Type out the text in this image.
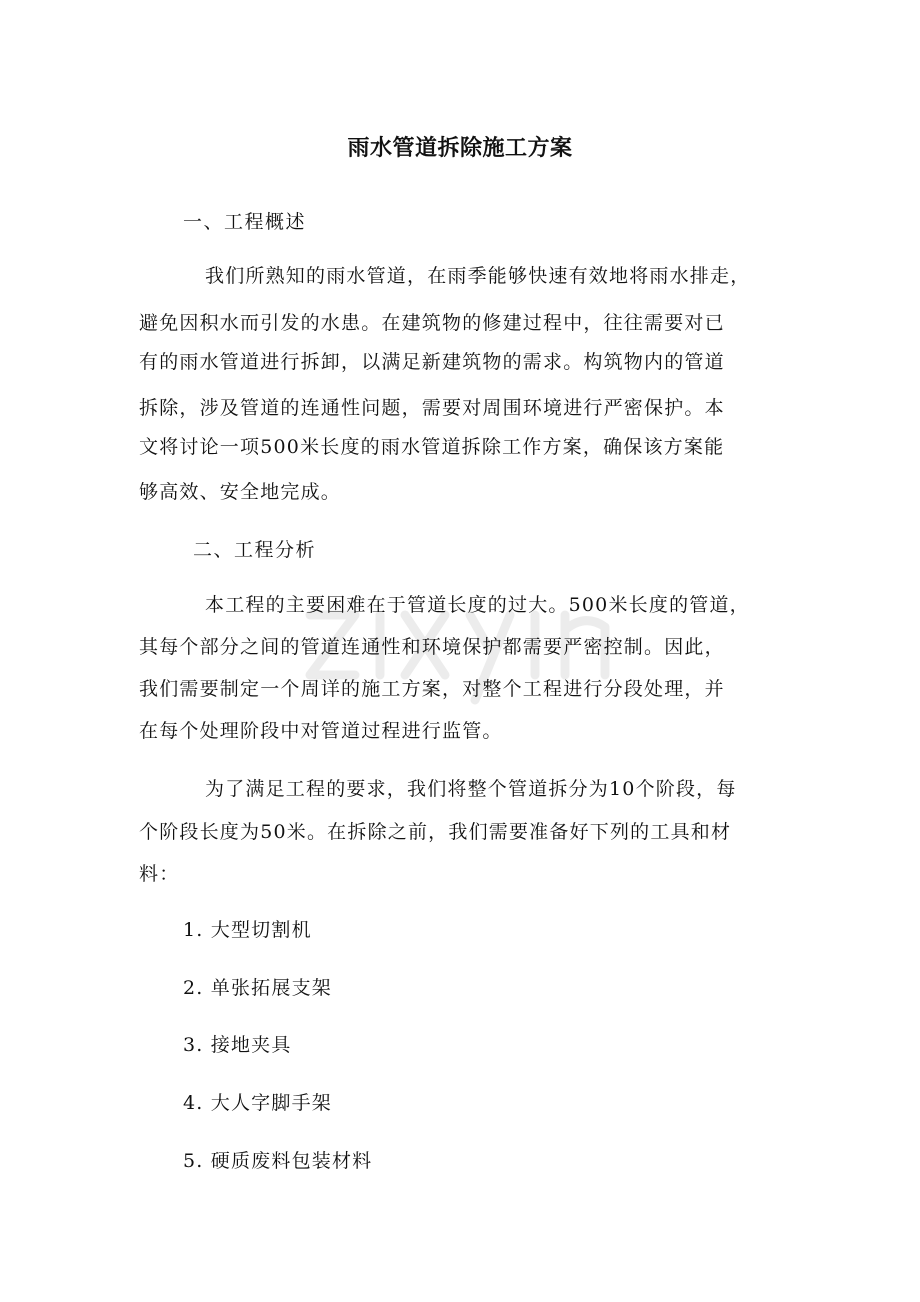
雨水管道拆除施工方案
一、工程概述
我们所熟知的雨水管道，在雨季能够快速有效地将雨水排走，
避免因积水而引发的水患。在建筑物的修建过程中，往往需要对已
有的雨水管道进行拆卸，以满足新建筑物的需求。构筑物内的管道
拆除，涉及管道的连通性问题，需要对周围环境进行严密保护。本
文将讨论一项500米长度的雨水管道拆除工作方案，确保该方案能
够高效、安全地完成。
二、工程分析
本工程的主要困难在于管道长度的过大。500米长度的管道，
其每个部分之间的管道连通性和环境保护都需要严密控制。因此，
我们需要制定一个周详的施工方案，对整个工程进行分段处理，并
在每个处理阶段中对管道过程进行监管。
为了满足工程的要求，我们将整个管道拆分为10个阶段，每
个阶段长度为50米。在拆除之前，我们需要准备好下列的工具和材
料：
1. 大型切割机
2. 单张拓展支架
3. 接地夹具
4. 大人字脚手架
5. 硬质废料包装材料
